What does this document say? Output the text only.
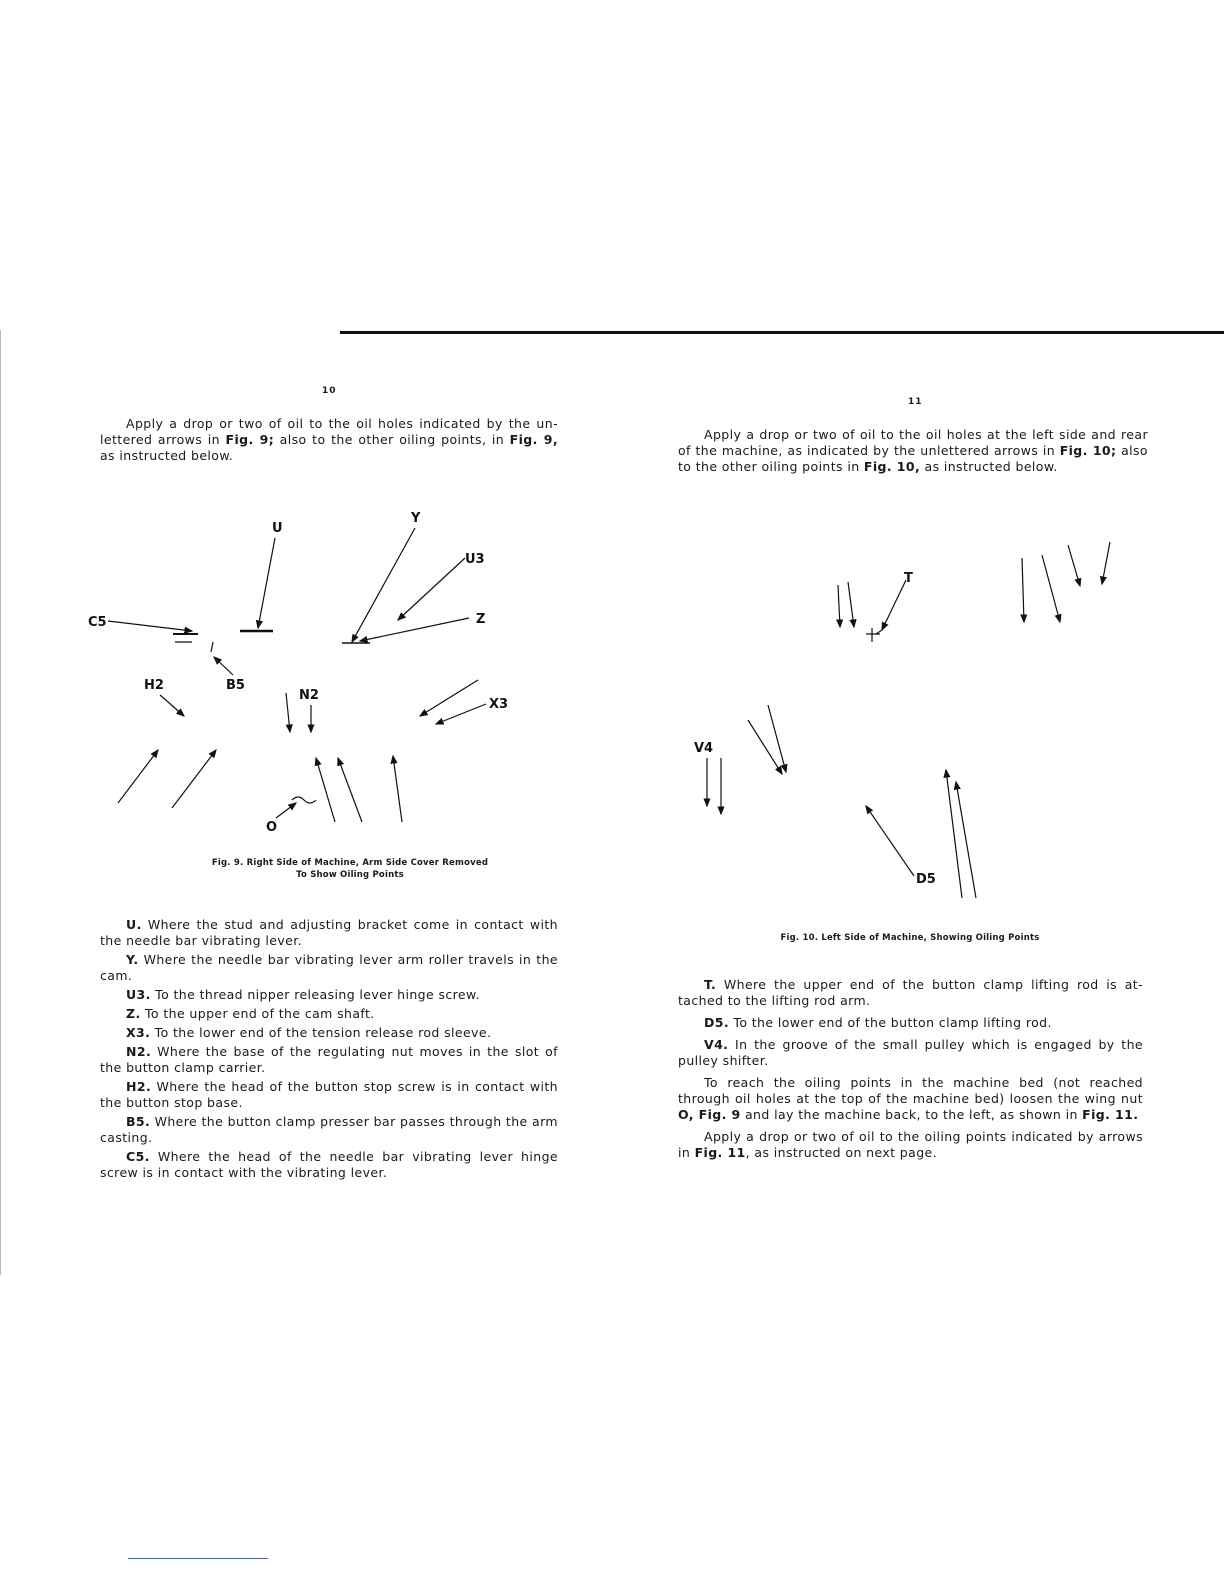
10
Apply a drop or two of oil to the oil holes indicated by the un-lettered arrows in Fig. 9; also to the other oiling points, in Fig. 9, as instructed below.
U
Y
U3
C5	Z
H2	B5
N2
X3
O
Fig. 9. Right Side of Machine, Arm Side Cover Removed
To Show Oiling Points

U. Where the stud and adjusting bracket come in contact with the needle bar vibrating lever.

Y. Where the needle bar vibrating lever arm roller travels in the cam.

U3. To the thread nipper releasing lever hinge screw.

Z. To the upper end of the cam shaft.

X3. To the lower end of the tension release rod sleeve.

N2. Where the base of the regulating nut moves in the slot of the button clamp carrier.

H2. Where the head of the button stop screw is in contact with the button stop base.

B5. Where the button clamp presser bar passes through the arm casting.

C5. Where the head of the needle bar vibrating lever hinge screw is in contact with the vibrating lever.

11
Apply a drop or two of oil to the oil holes at the left side and rear of the machine, as indicated by the unlettered arrows in Fig. 10; also to the other oiling points in Fig. 10, as instructed below.
T
V4
D5
Fig. 10. Left Side of Machine, Showing Oiling Points

T. Where the upper end of the button clamp lifting rod is at-tached to the lifting rod arm.

D5. To the lower end of the button clamp lifting rod.

V4. In the groove of the small pulley which is engaged by the pulley shifter.

To reach the oiling points in the machine bed (not reached through oil holes at the top of the machine bed) loosen the wing nut O, Fig. 9 and lay the machine back, to the left, as shown in Fig. 11.

Apply a drop or two of oil to the oiling points indicated by arrows in Fig. 11, as instructed on next page.
